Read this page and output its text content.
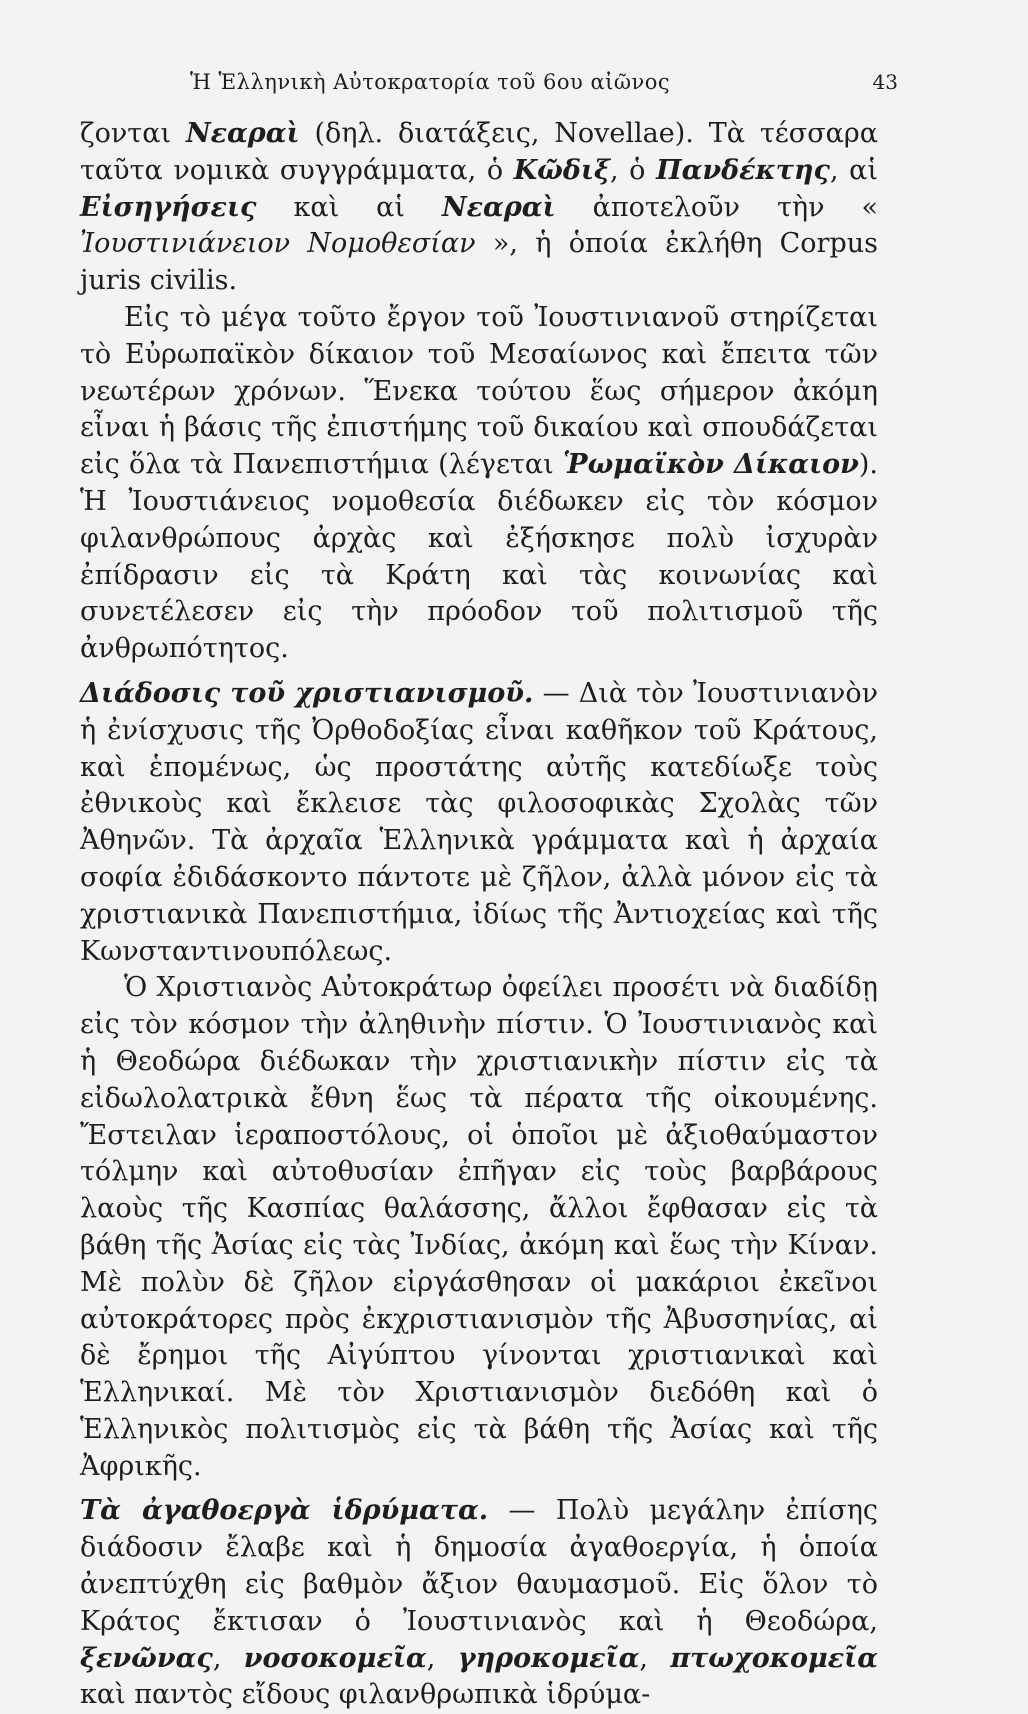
Ἡ Ἑλληνικὴ Αὐτοκρατορία τοῦ 6ου αἰῶνος	43

ζονται Νεαραὶ (δηλ. διατάξεις, Novellae). Τὰ τέσσαρα ταῦτα νομικὰ συγγράμματα, ὁ Κῶδιξ, ὁ Πανδέκτης, αἱ Εἰσηγήσεις καὶ αἱ Νεαραὶ ἀποτελοῦν τὴν « Ἰουστινιάνειον Νομοθεσίαν », ἡ ὁποία ἐκλήθη Corpus juris civilis.

Εἰς τὸ μέγα τοῦτο ἔργον τοῦ Ἰουστινιανοῦ στηρίζεται τὸ Εὐρωπαϊκὸν δίκαιον τοῦ Μεσαίωνος καὶ ἔπειτα τῶν νεωτέρων χρόνων. Ἕνεκα τούτου ἕως σήμερον ἀκόμη εἶναι ἡ βάσις τῆς ἐπιστήμης τοῦ δικαίου καὶ σπουδάζεται εἰς ὅλα τὰ Πανεπιστήμια (λέγεται Ῥωμαϊκὸν Δίκαιον). Ἡ Ἰουστιάνειος νομοθεσία διέδωκεν εἰς τὸν κόσμον φιλανθρώπους ἀρχὰς καὶ ἐξήσκησε πολὺ ἰσχυρὰν ἐπίδρασιν εἰς τὰ Κράτη καὶ τὰς κοινωνίας καὶ συνετέλεσεν εἰς τὴν πρόοδον τοῦ πολιτισμοῦ τῆς ἀνθρωπότητος.

Διάδοσις τοῦ χριστιανισμοῦ. — Διὰ τὸν Ἰουστινιανὸν ἡ ἐνίσχυσις τῆς Ὀρθοδοξίας εἶναι καθῆκον τοῦ Κράτους, καὶ ἑπομένως, ὡς προστάτης αὐτῆς κατεδίωξε τοὺς ἐθνικοὺς καὶ ἔκλεισε τὰς φιλοσοφικὰς Σχολὰς τῶν Ἀθηνῶν. Τὰ ἀρχαῖα Ἑλληνικὰ γράμματα καὶ ἡ ἀρχαία σοφία ἐδιδάσκοντο πάντοτε μὲ ζῆλον, ἀλλὰ μόνον εἰς τὰ χριστιανικὰ Πανεπιστήμια, ἰδίως τῆς Ἀντιοχείας καὶ τῆς Κωνσταντινουπόλεως.

Ὁ Χριστιανὸς Αὐτοκράτωρ ὀφείλει προσέτι νὰ διαδίδῃ εἰς τὸν κόσμον τὴν ἀληθινὴν πίστιν. Ὁ Ἰουστινιανὸς καὶ ἡ Θεοδώρα διέδωκαν τὴν χριστιανικὴν πίστιν εἰς τὰ εἰδωλολατρικὰ ἔθνη ἕως τὰ πέρατα τῆς οἰκουμένης. Ἔστειλαν ἱεραποστόλους, οἱ ὁποῖοι μὲ ἀξιοθαύμαστον τόλμην καὶ αὐτοθυσίαν ἐπῆγαν εἰς τοὺς βαρβάρους λαοὺς τῆς Κασπίας θαλάσσης, ἄλλοι ἔφθασαν εἰς τὰ βάθη τῆς Ἀσίας εἰς τὰς Ἰνδίας, ἀκόμη καὶ ἕως τὴν Κίναν. Μὲ πολὺν δὲ ζῆλον εἰργάσθησαν οἱ μακάριοι ἐκεῖνοι αὐτοκράτορες πρὸς ἐκχριστιανισμὸν τῆς Ἀβυσσηνίας, αἱ δὲ ἔρημοι τῆς Αἰγύπτου γίνονται χριστιανικαὶ καὶ Ἑλληνικαί. Μὲ τὸν Χριστιανισμὸν διεδόθη καὶ ὁ Ἑλληνικὸς πολιτισμὸς εἰς τὰ βάθη τῆς Ἀσίας καὶ τῆς Ἀφρικῆς.

Τὰ ἀγαθοεργὰ ἱδρύματα. — Πολὺ μεγάλην ἐπίσης διάδοσιν ἔλαβε καὶ ἡ δημοσία ἀγαθοεργία, ἡ ὁποία ἀνεπτύχθη εἰς βαθμὸν ἄξιον θαυμασμοῦ. Εἰς ὅλον τὸ Κράτος ἔκτισαν ὁ Ἰουστινιανὸς καὶ ἡ Θεοδώρα, ξενῶνας, νοσοκομεῖα, γηροκομεῖα, πτωχοκομεῖα καὶ παντὸς εἴδους φιλανθρωπικὰ ἱδρύμα-
